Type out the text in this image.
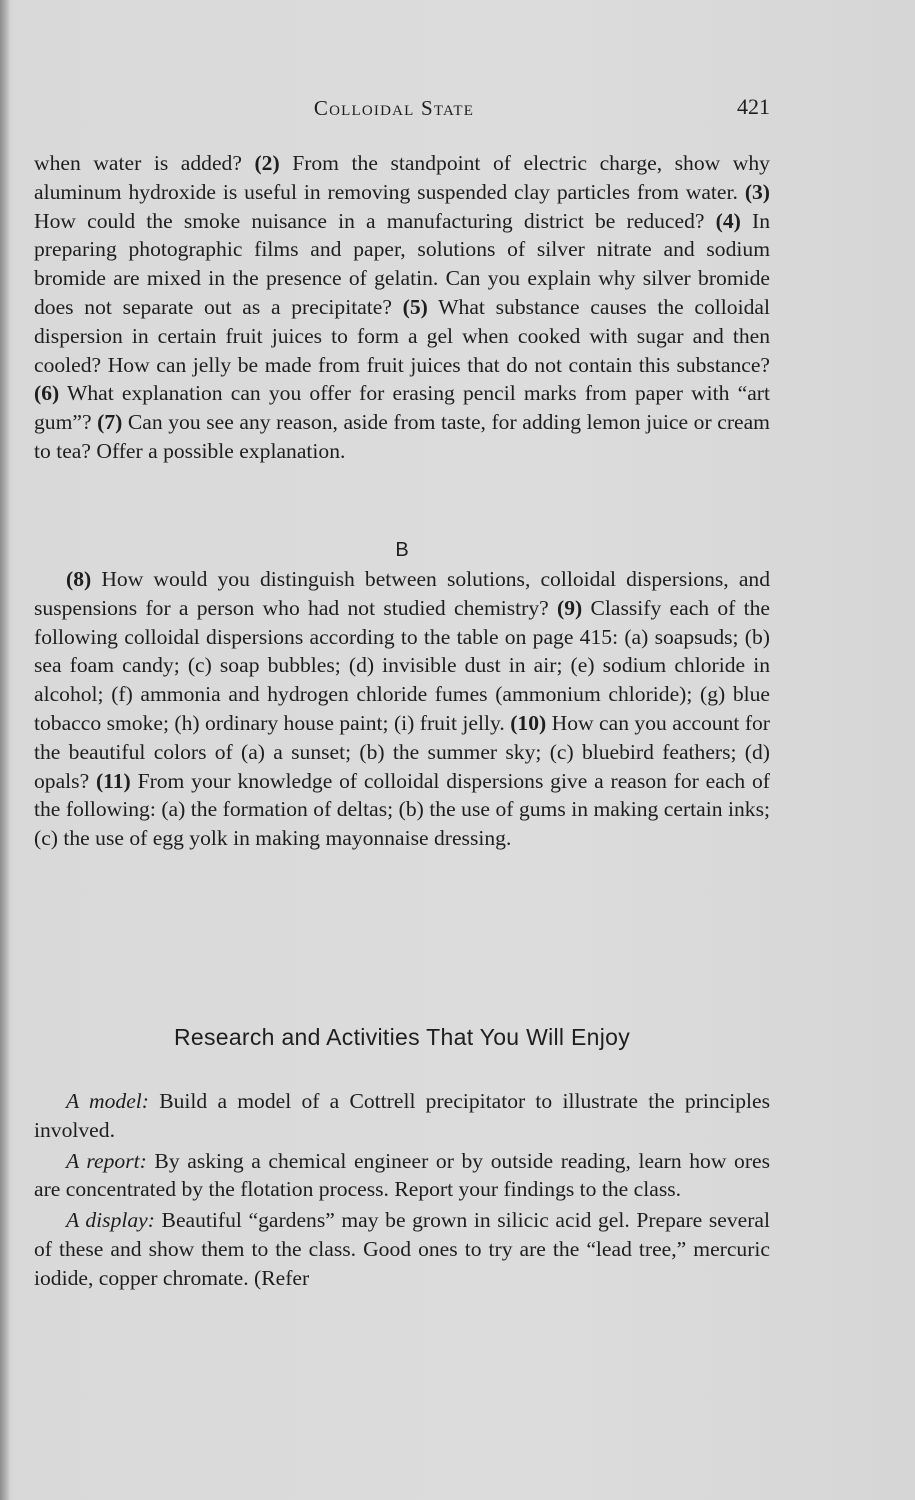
Colloidal State	421

when water is added? (2) From the standpoint of electric charge, show why aluminum hydroxide is useful in removing suspended clay particles from water. (3) How could the smoke nuisance in a manufacturing district be reduced? (4) In preparing photographic films and paper, solutions of silver nitrate and sodium bromide are mixed in the presence of gelatin. Can you explain why silver bromide does not separate out as a precipitate? (5) What substance causes the colloidal dispersion in certain fruit juices to form a gel when cooked with sugar and then cooled? How can jelly be made from fruit juices that do not contain this substance? (6) What explanation can you offer for erasing pencil marks from paper with “art gum”? (7) Can you see any reason, aside from taste, for adding lemon juice or cream to tea? Offer a possible explanation.

B

(8) How would you distinguish between solutions, colloidal dispersions, and suspensions for a person who had not studied chemistry? (9) Classify each of the following colloidal dispersions according to the table on page 415: (a) soapsuds; (b) sea foam candy; (c) soap bubbles; (d) invisible dust in air; (e) sodium chloride in alcohol; (f) ammonia and hydrogen chloride fumes (ammonium chloride); (g) blue tobacco smoke; (h) ordinary house paint; (i) fruit jelly. (10) How can you account for the beautiful colors of (a) a sunset; (b) the summer sky; (c) bluebird feathers; (d) opals? (11) From your knowledge of colloidal dispersions give a reason for each of the following: (a) the formation of deltas; (b) the use of gums in making certain inks; (c) the use of egg yolk in making mayonnaise dressing.

Research and Activities That You Will Enjoy

A model: Build a model of a Cottrell precipitator to illustrate the principles involved.

A report: By asking a chemical engineer or by outside reading, learn how ores are concentrated by the flotation process. Report your findings to the class.

A display: Beautiful “gardens” may be grown in silicic acid gel. Prepare several of these and show them to the class. Good ones to try are the “lead tree,” mercuric iodide, copper chromate. (Refer
